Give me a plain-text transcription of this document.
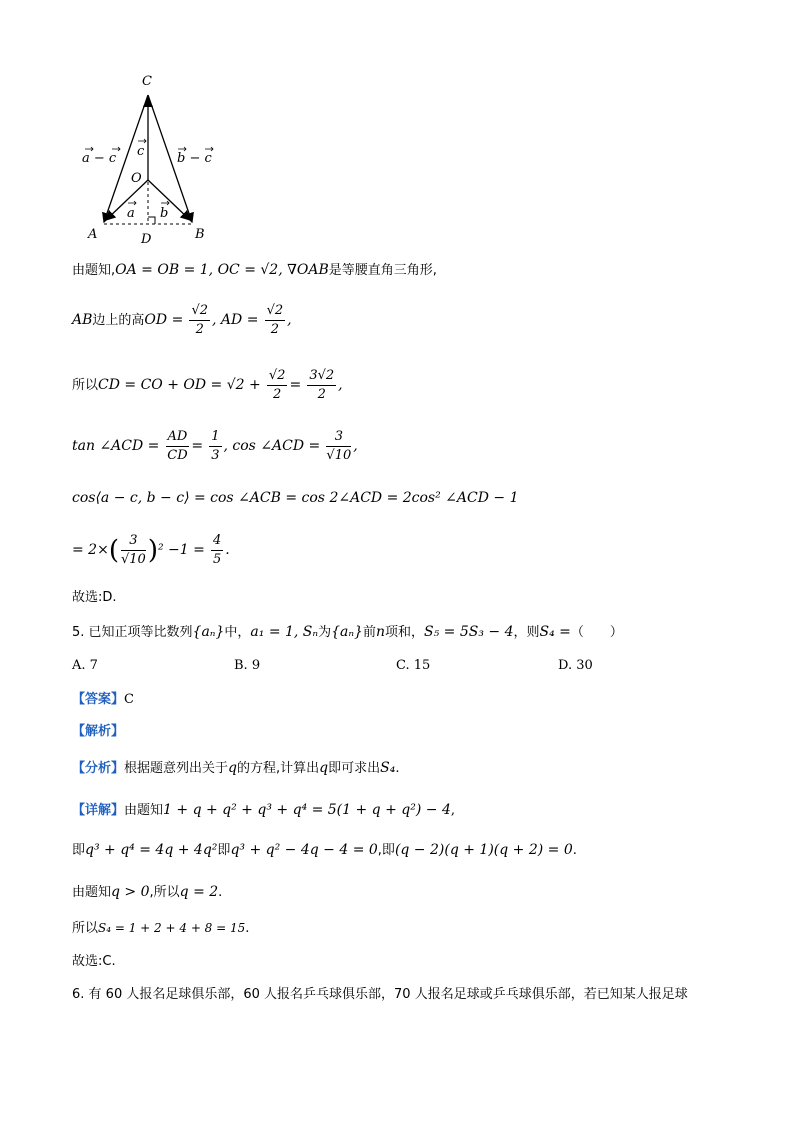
C
O
A	B
D
a − c c	b − c
a b
由题知,OA = OB = 1, OC = √2, ∇OAB是等腰直角三角形,
AB边上的高OD = $\frac{√2}{2}$ , AD = $\frac{√2}{2}$ ,
所以CD = CO + OD = $√2 + \frac{√2}{2} = \frac{3√2}{2}$ ,
tan ∠ACD = $\frac{AD}{CD} = \frac{1}{3}$ , cos ∠ACD = $\frac{3}{√10}$ ,
cos⟨a − c, b − c⟩ = cos ∠ACB = cos 2∠ACD = 2cos² ∠ACD − 1
= $2\times( \frac{3}{√10} )^2 -1 = \frac{4}{5}$ .
故选:D.
5. 已知正项等比数列{aₙ}中，a₁ = 1, Sₙ为{aₙ}前n项和，S₅ = 5S₃ − 4，则S₄ =（　　）
A. 7	B. 9	C. 15	D. 30
【答案】C
【解析】
【分析】根据题意列出关于q的方程,计算出q即可求出S₄.
【详解】由题知1 + q + q² + q³ + q⁴ = 5(1 + q + q²) − 4,
即q³ + q⁴ = 4q + 4q²即q³ + q² − 4q − 4 = 0,即(q − 2)(q + 1)(q + 2) = 0.
由题知q > 0,所以q = 2.
所以S₄ = 1 + 2 + 4 + 8 = 15.
故选:C.
6. 有 60 人报名足球俱乐部，60 人报名乒乓球俱乐部，70 人报名足球或乒乓球俱乐部，若已知某人报足球
